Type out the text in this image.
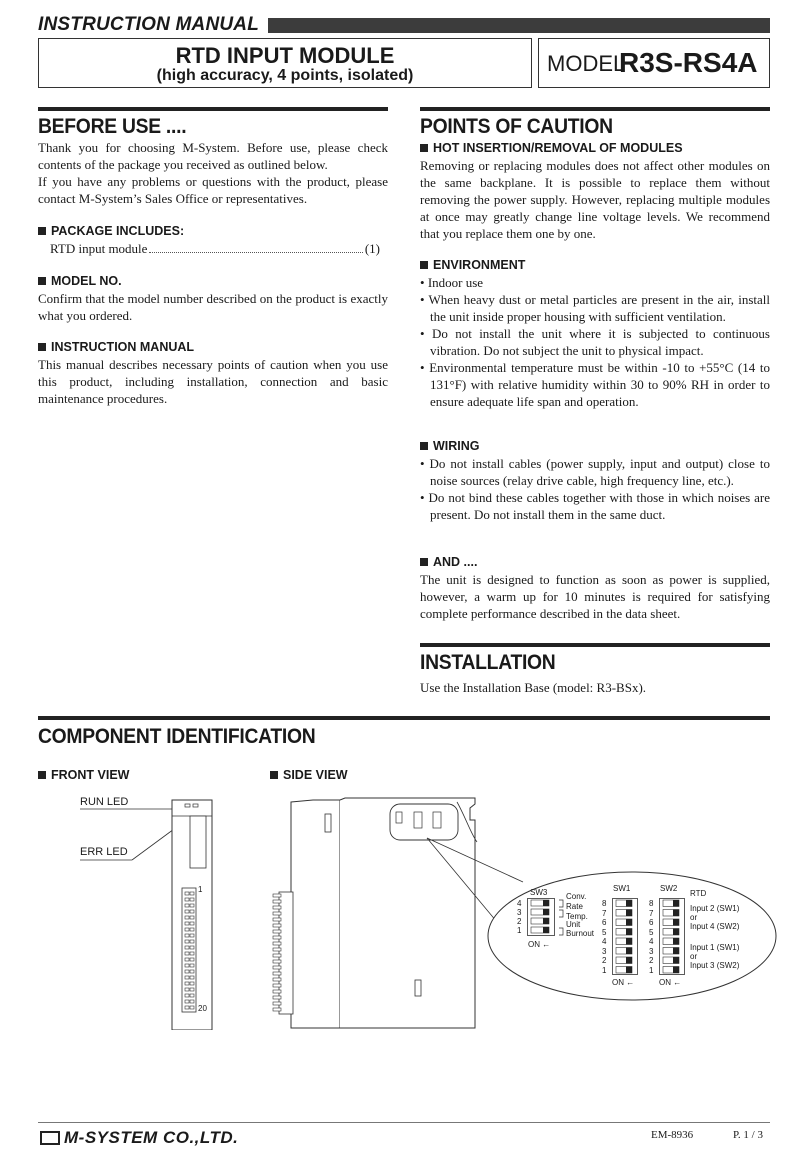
INSTRUCTION MANUAL
RTD INPUT MODULE
(high accuracy, 4 points, isolated)	MODEL
R3S-RS4A
BEFORE USE ....
Thank you for choosing M-System. Before use, please check contents of the package you received as outlined below.
If you have any problems or questions with the product, please contact M-System’s Sales Office or representatives.
PACKAGE INCLUDES:
RTD input module	(1)
MODEL NO.
Confirm that the model number described on the product is exactly what you ordered.
INSTRUCTION MANUAL
This manual describes necessary points of caution when you use this product, including installation, connection and basic maintenance procedures.
POINTS OF CAUTION
HOT INSERTION/REMOVAL OF MODULES
Removing or replacing modules does not affect other modules on the same backplane. It is possible to replace them without removing the power supply. However, replacing multiple modules at once may greatly change line voltage levels. We recommend that you replace them one by one.
ENVIRONMENT
• Indoor use
• When heavy dust or metal particles are present in the air, install the unit inside proper housing with sufficient ventilation.
• Do not install the unit where it is subjected to continuous vibration. Do not subject the unit to physical impact.
• Environmental temperature must be within -10 to +55°C (14 to 131°F) with relative humidity within 30 to 90% RH in order to ensure adequate life span and operation.
WIRING
• Do not install cables (power supply, input and output) close to noise sources (relay drive cable, high frequency line, etc.).
• Do not bind these cables together with those in which noises are present. Do not install them in the same duct.
AND ....
The unit is designed to function as soon as power is supplied, however, a warm up for 10 minutes is required for satisfying complete performance described in the data sheet.
INSTALLATION
Use the Installation Base (model: R3-BSx).
COMPONENT IDENTIFICATION
FRONT VIEW	SIDE VIEW
RUN LED
ERR LED
1
20
SW3
4
3
2
1
ON ←
Conv.
Rate
Temp.
Unit
Burnout
SW1
8
7
6
5
4
3
2
1
ON ←
SW2
8
7
6
5
4
3
2
1
ON ←
RTD
Input 2 (SW1)
or
Input 4 (SW2)
Input 1 (SW1)
or
Input 3 (SW2)
M-SYSTEM CO.,LTD.	EM-8936	P. 1 / 3
